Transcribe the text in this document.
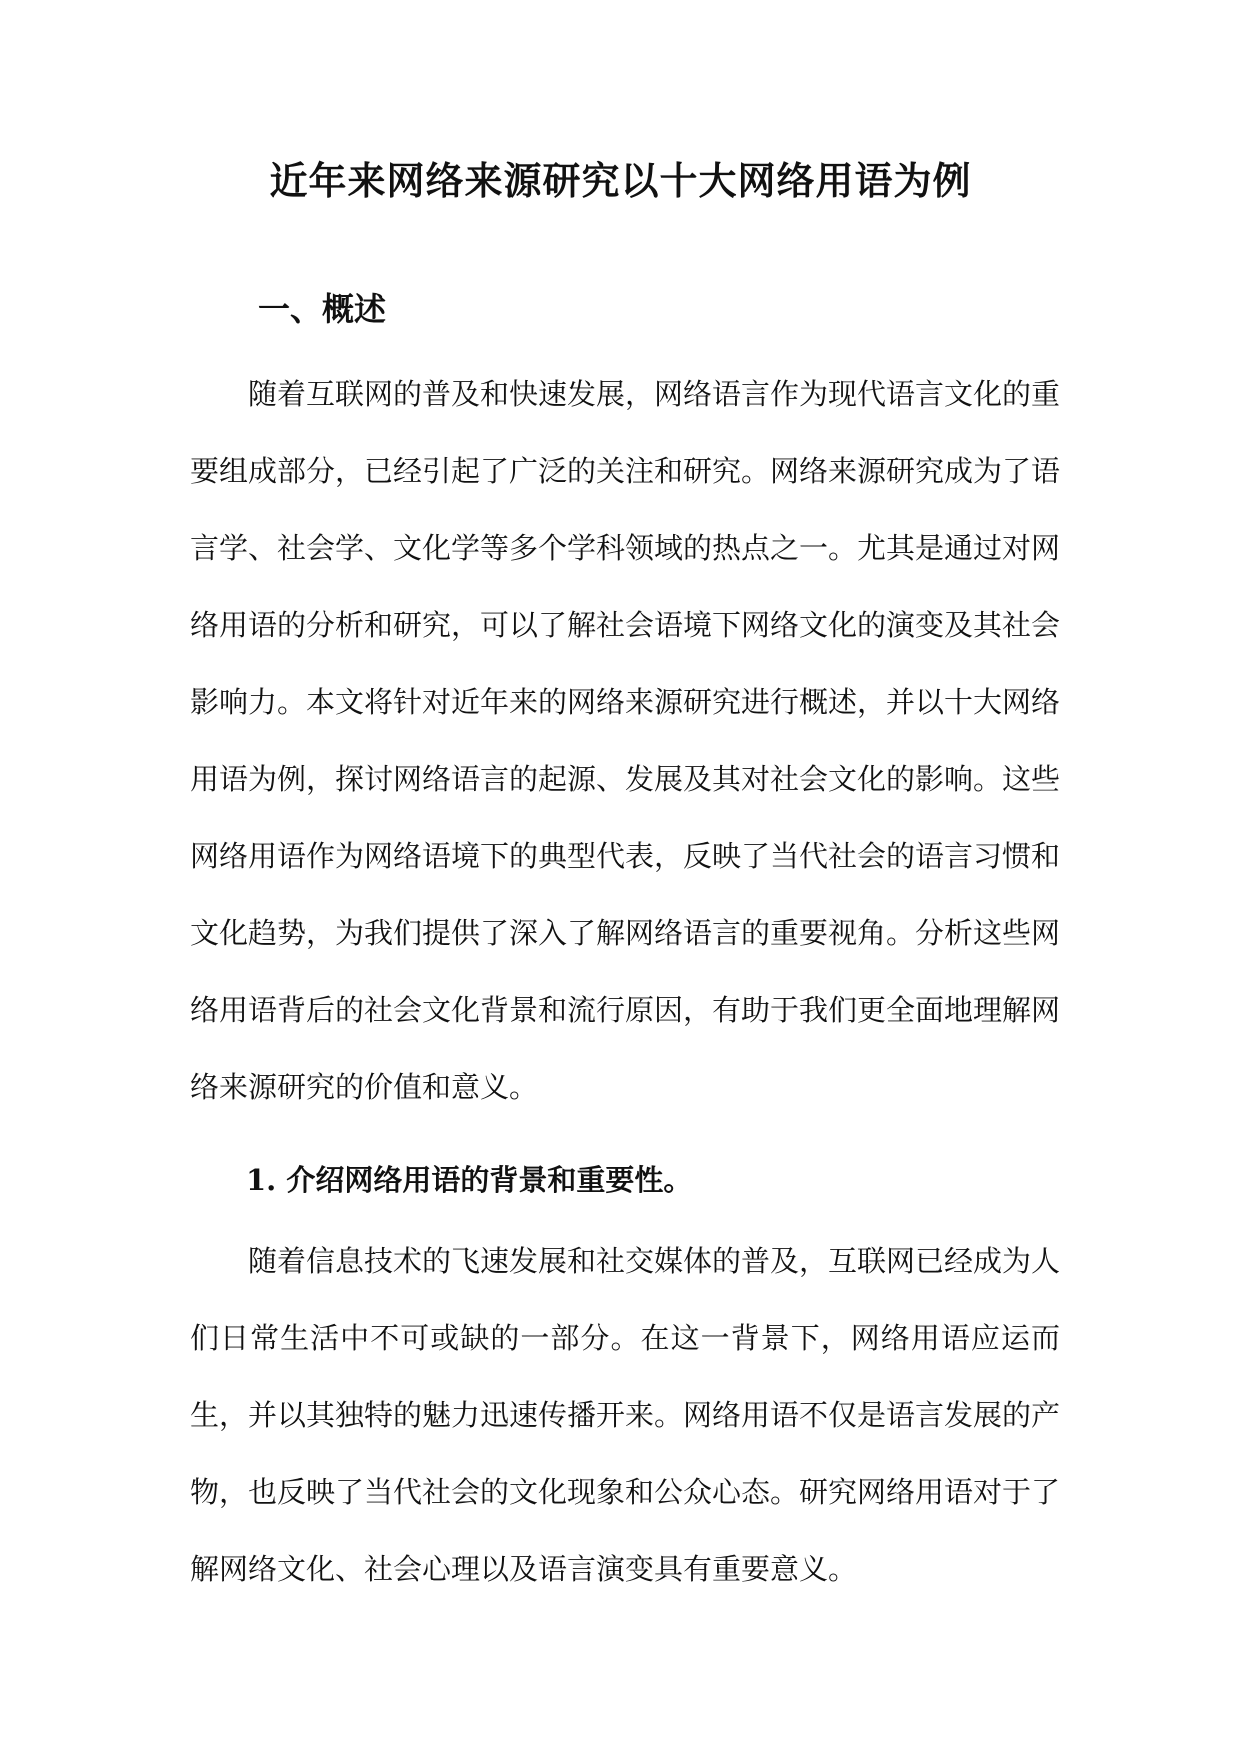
近年来网络来源研究以十大网络用语为例
一、概述

随着互联网的普及和快速发展，网络语言作为现代语言文化的重要组成部分，已经引起了广泛的关注和研究。网络来源研究成为了语言学、社会学、文化学等多个学科领域的热点之一。尤其是通过对网络用语的分析和研究，可以了解社会语境下网络文化的演变及其社会影响力。本文将针对近年来的网络来源研究进行概述，并以十大网络用语为例，探讨网络语言的起源、发展及其对社会文化的影响。这些网络用语作为网络语境下的典型代表，反映了当代社会的语言习惯和文化趋势，为我们提供了深入了解网络语言的重要视角。分析这些网络用语背后的社会文化背景和流行原因，有助于我们更全面地理解网络来源研究的价值和意义。

1. 介绍网络用语的背景和重要性。

随着信息技术的飞速发展和社交媒体的普及，互联网已经成为人们日常生活中不可或缺的一部分。在这一背景下，网络用语应运而生，并以其独特的魅力迅速传播开来。网络用语不仅是语言发展的产物，也反映了当代社会的文化现象和公众心态。研究网络用语对于了解网络文化、社会心理以及语言演变具有重要意义。
